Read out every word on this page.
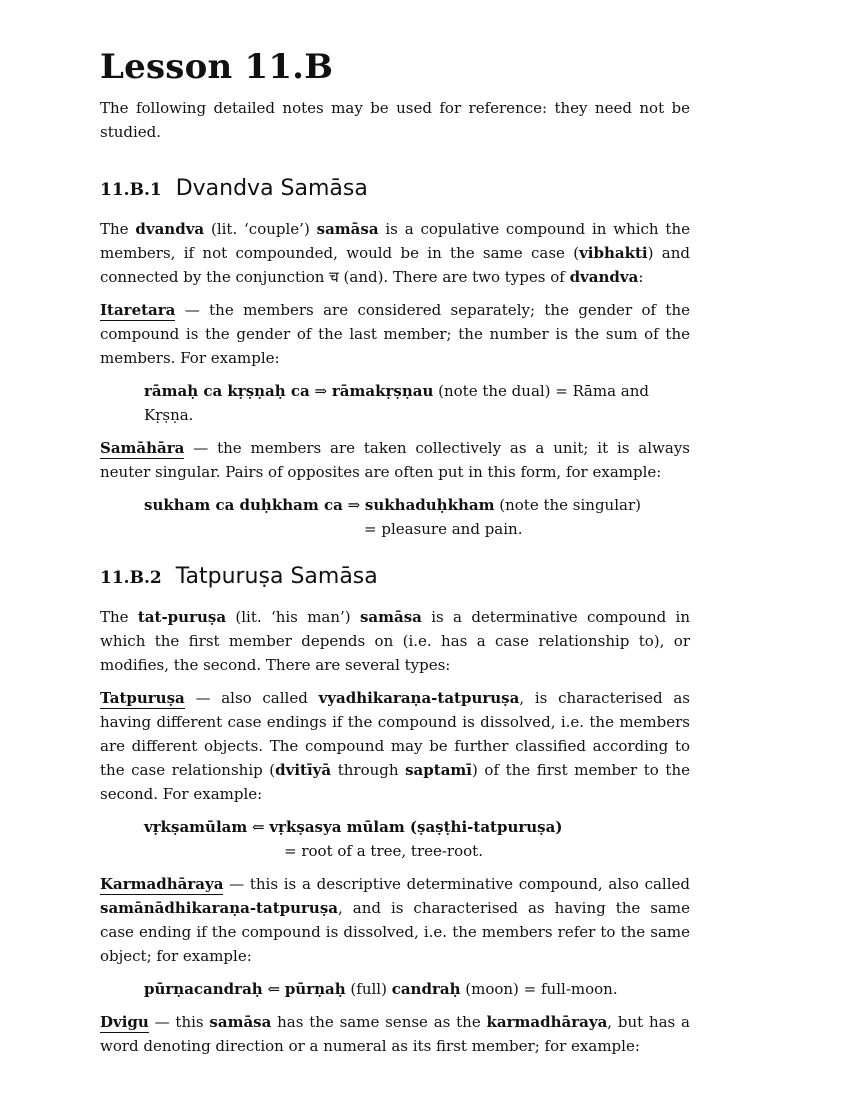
Lesson 11.B

The following detailed notes may be used for reference: they need not be studied.

11.B.1 Dvandva Samāsa

The dvandva (lit. ‘couple’) samāsa is a copulative compound in which the members, if not compounded, would be in the same case (vibhakti) and connected by the conjunction च (and). There are two types of dvandva:

Itaretara — the members are considered separately; the gender of the compound is the gender of the last member; the number is the sum of the members. For example:

rāmaḥ ca kṛṣṇaḥ ca ⇒ rāmakṛṣṇau (note the dual) = Rāma and Kṛṣṇa.

Samāhāra — the members are taken collectively as a unit; it is always neuter singular. Pairs of opposites are often put in this form, for example:

sukham ca duḥkham ca ⇒ sukhaduḥkham (note the singular)
= pleasure and pain.
11.B.2 Tatpuruṣa Samāsa

The tat-puruṣa (lit. ‘his man’) samāsa is a determinative compound in which the first member depends on (i.e. has a case relationship to), or modifies, the second. There are several types:

Tatpuruṣa — also called vyadhikaraṇa-tatpuruṣa, is characterised as having different case endings if the compound is dissolved, i.e. the members are different objects. The compound may be further classified according to the case relationship (dvitīyā through saptamī) of the first member to the second. For example:

vṛkṣamūlam ⇐ vṛkṣasya mūlam (ṣaṣṭhi-tatpuruṣa)
= root of a tree, tree-root.

Karmadhāraya — this is a descriptive determinative compound, also called samānādhikaraṇa-tatpuruṣa, and is characterised as having the same case ending if the compound is dissolved, i.e. the members refer to the same object; for example:

pūrṇacandraḥ ⇐ pūrṇaḥ (full) candraḥ (moon) = full-moon.

Dvigu — this samāsa has the same sense as the karmadhāraya, but has a word denoting direction or a numeral as its first member; for example:
